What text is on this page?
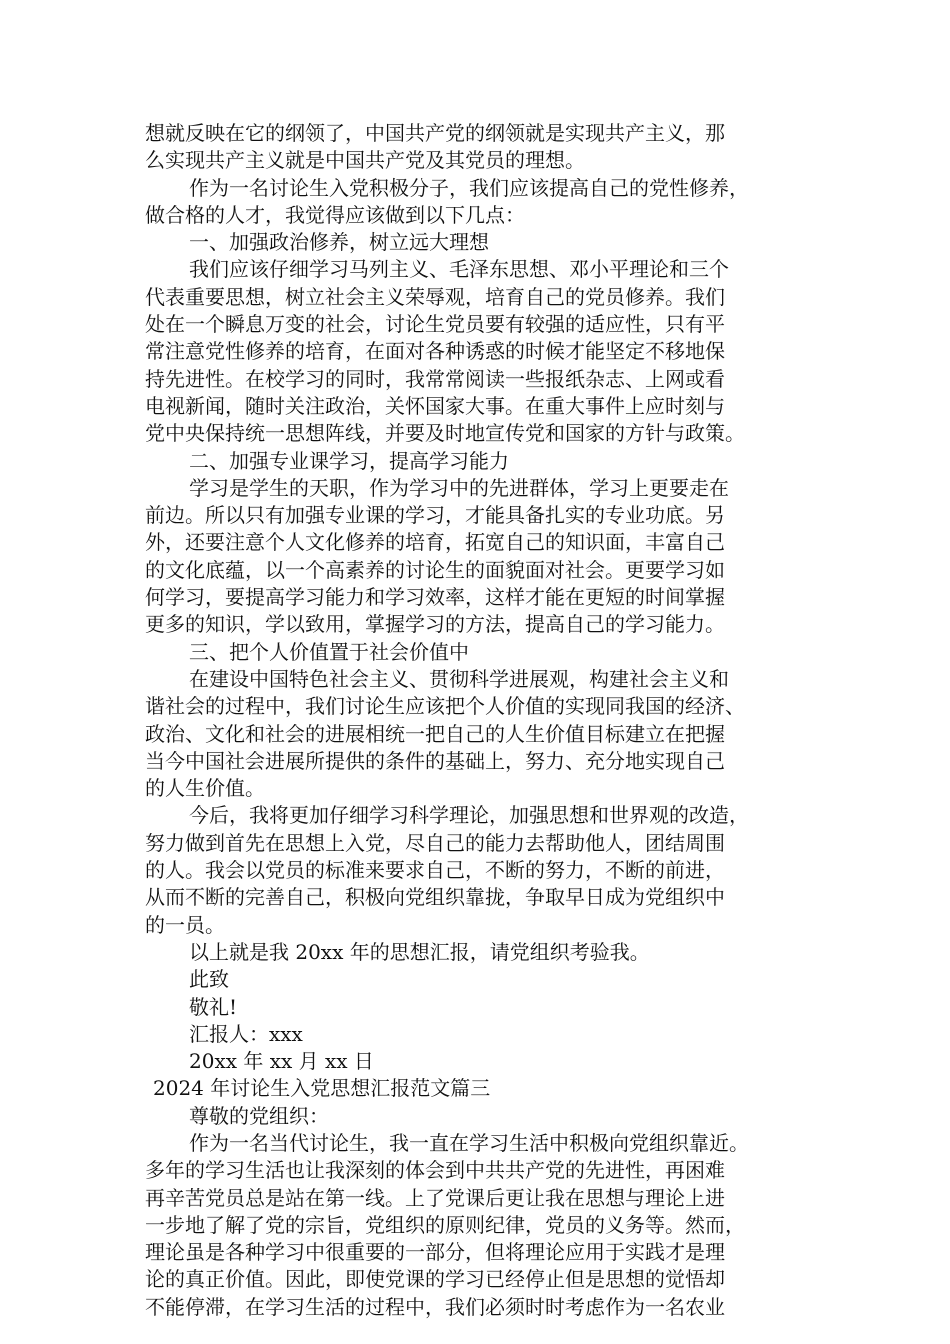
想就反映在它的纲领了，中国共产党的纲领就是实现共产主义，那
么实现共产主义就是中国共产党及其党员的理想。
作为一名讨论生入党积极分子，我们应该提高自己的党性修养，
做合格的人才，我觉得应该做到以下几点：
一、加强政治修养，树立远大理想
我们应该仔细学习马列主义、毛泽东思想、邓小平理论和三个
代表重要思想，树立社会主义荣辱观，培育自己的党员修养。我们
处在一个瞬息万变的社会，讨论生党员要有较强的适应性，只有平
常注意党性修养的培育，在面对各种诱惑的时候才能坚定不移地保
持先进性。在校学习的同时，我常常阅读一些报纸杂志、上网或看
电视新闻，随时关注政治，关怀国家大事。在重大事件上应时刻与
党中央保持统一思想阵线，并要及时地宣传党和国家的方针与政策。
二、加强专业课学习，提高学习能力
学习是学生的天职，作为学习中的先进群体，学习上更要走在
前边。所以只有加强专业课的学习，才能具备扎实的专业功底。另
外，还要注意个人文化修养的培育，拓宽自己的知识面，丰富自己
的文化底蕴，以一个高素养的讨论生的面貌面对社会。更要学习如
何学习，要提高学习能力和学习效率，这样才能在更短的时间掌握
更多的知识，学以致用，掌握学习的方法，提高自己的学习能力。
三、把个人价值置于社会价值中
在建设中国特色社会主义、贯彻科学进展观，构建社会主义和
谐社会的过程中，我们讨论生应该把个人价值的实现同我国的经济、
政治、文化和社会的进展相统一把自己的人生价值目标建立在把握
当今中国社会进展所提供的条件的基础上，努力、充分地实现自己
的人生价值。
今后，我将更加仔细学习科学理论，加强思想和世界观的改造，
努力做到首先在思想上入党，尽自己的能力去帮助他人，团结周围
的人。我会以党员的标准来要求自己，不断的努力，不断的前进，
从而不断的完善自己，积极向党组织靠拢，争取早日成为党组织中
的一员。
以上就是我 20xx 年的思想汇报，请党组织考验我。
此致
敬礼!
汇报人：xxx
20xx 年 xx 月 xx 日
2024 年讨论生入党思想汇报范文篇三
尊敬的党组织：
作为一名当代讨论生，我一直在学习生活中积极向党组织靠近。
多年的学习生活也让我深刻的体会到中共共产党的先进性，再困难
再辛苦党员总是站在第一线。上了党课后更让我在思想与理论上进
一步地了解了党的宗旨，党组织的原则纪律，党员的义务等。然而，
理论虽是各种学习中很重要的一部分，但将理论应用于实践才是理
论的真正价值。因此，即使党课的学习已经停止但是思想的觉悟却
不能停滞，在学习生活的过程中，我们必须时时考虑作为一名农业
